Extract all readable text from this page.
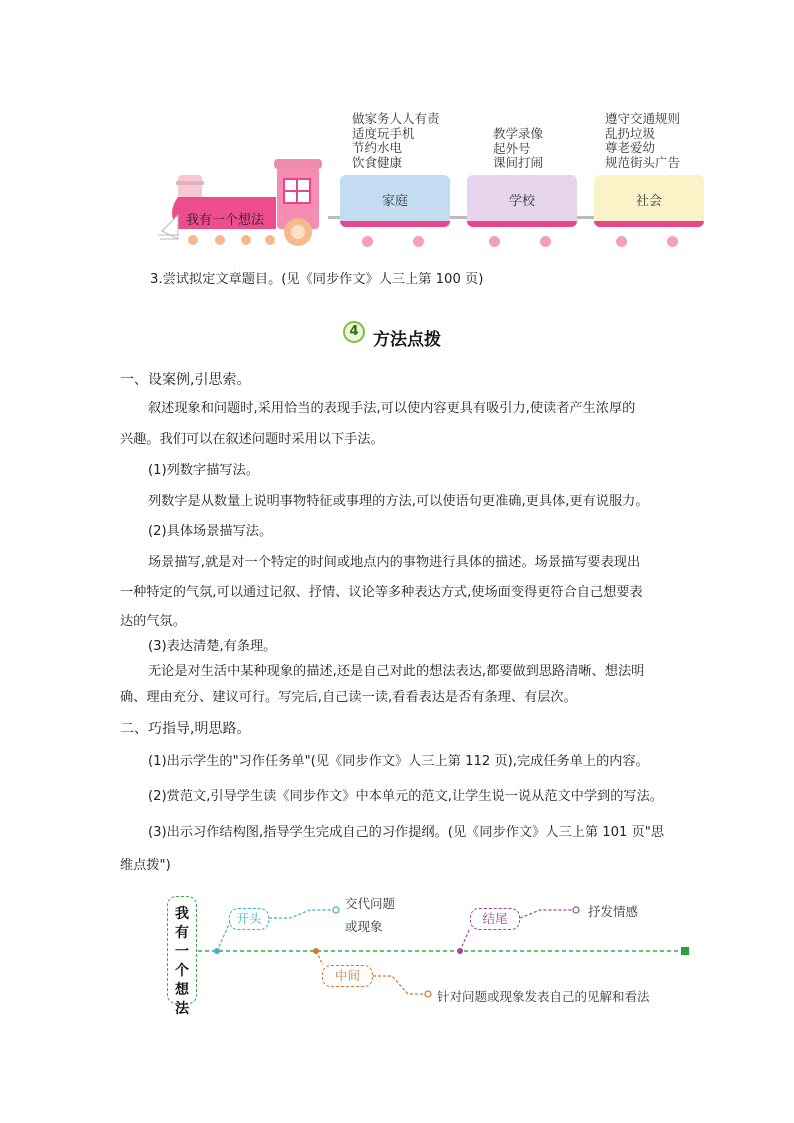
做家务人人有责
适度玩手机
节约水电
饮食健康
教学录像
起外号
课间打闹
遵守交通规则
乱扔垃圾
尊老爱幼
规范街头广告
我有一个想法
家庭	学校	社会
3.尝试拟定文章题目。(见《同步作文》人三上第 100 页)
4 方法点拨
一、设案例,引思索。
叙述现象和问题时,采用恰当的表现手法,可以使内容更具有吸引力,使读者产生浓厚的
兴趣。我们可以在叙述问题时采用以下手法。
(1)列数字描写法。
列数字是从数量上说明事物特征或事理的方法,可以使语句更准确,更具体,更有说服力。
(2)具体场景描写法。
场景描写,就是对一个特定的时间或地点内的事物进行具体的描述。场景描写要表现出
一种特定的气氛,可以通过记叙、抒情、议论等多种表达方式,使场面变得更符合自己想要表
达的气氛。
(3)表达清楚,有条理。
无论是对生活中某种现象的描述,还是自己对此的想法表达,都要做到思路清晰、想法明
确、理由充分、建议可行。写完后,自己读一读,看看表达是否有条理、有层次。
二、巧指导,明思路。
(1)出示学生的"习作任务单"(见《同步作文》人三上第 112 页),完成任务单上的内容。
(2)赏范文,引导学生读《同步作文》中本单元的范文,让学生说一说从范文中学到的写法。
(3)出示习作结构图,指导学生完成自己的习作提纲。(见《同步作文》人三上第 101 页"思
维点拨")
我有一个想法
开头
交代问题
或现象
中间
针对问题或现象发表自己的见解和看法
结尾	抒发情感
